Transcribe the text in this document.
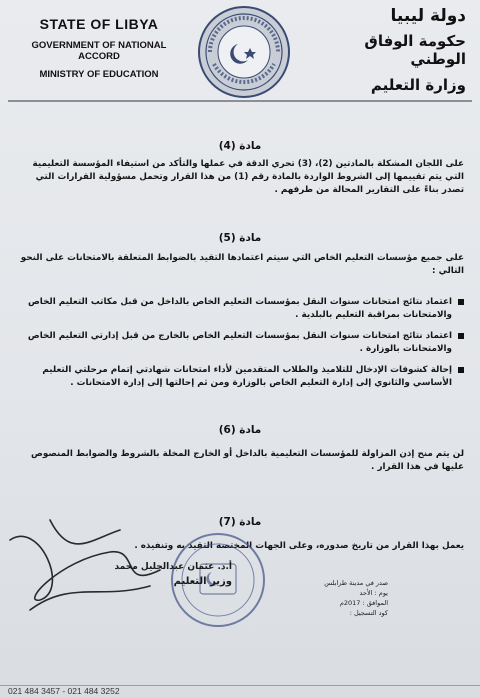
STATE OF LIBYA
GOVERNMENT OF NATIONAL ACCORD
MINISTRY OF EDUCATION
دولة ليبيا
حكومة الوفاق الوطني
وزارة التعليم
مادة (4)
على اللجان المشكلة بالمادتين (2)، (3) تحري الدقة في عملها والتأكد من استيفاء المؤسسة التعليمية التي يتم تقييمها إلى الشروط الواردة بالمادة رقم (1) من هذا القرار وتحمل مسؤولية القرارات التي تصدر بناءً على التقارير المحالة من طرفهم .
مادة (5)
على جميع مؤسسات التعليم الخاص التي سيتم اعتمادها التقيد بالضوابط المتعلقة بالامتحانات على النحو التالي :
اعتماد نتائج امتحانات سنوات النقل بمؤسسات التعليم الخاص بالداخل من قبل مكاتب التعليم الخاص والامتحانات بمراقبة التعليم بالبلدية .
اعتماد نتائج امتحانات سنوات النقل بمؤسسات التعليم الخاص بالخارج من قبل إدارتي التعليم الخاص والامتحانات بالوزارة .
إحالة كشوفات الإدخال للتلاميذ والطلاب المتقدمين لأداء امتحانات شهادتي إتمام مرحلتي التعليم الأساسي والثانوي إلى إدارة التعليم الخاص بالوزارة ومن ثم إحالتها إلى إدارة الامتحانات .
مادة (6)
لن يتم منح إذن المزاولة للمؤسسات التعليمية بالداخل أو الخارج المخلة بالشروط والضوابط المنصوص عليها في هذا القرار .
مادة (7)
يعمل بهذا القرار من تاريخ صدوره، وعلى الجهات المختصة التقيد به وتنفيذه .
أ.د. عثمان عبدالجليل محمد
وزير التعليم	صدر في مدينة طرابلس
يوم : الأحد
الموافق : 2017م
كود التسجيل :
021 484 3457 - 021 484 3252
